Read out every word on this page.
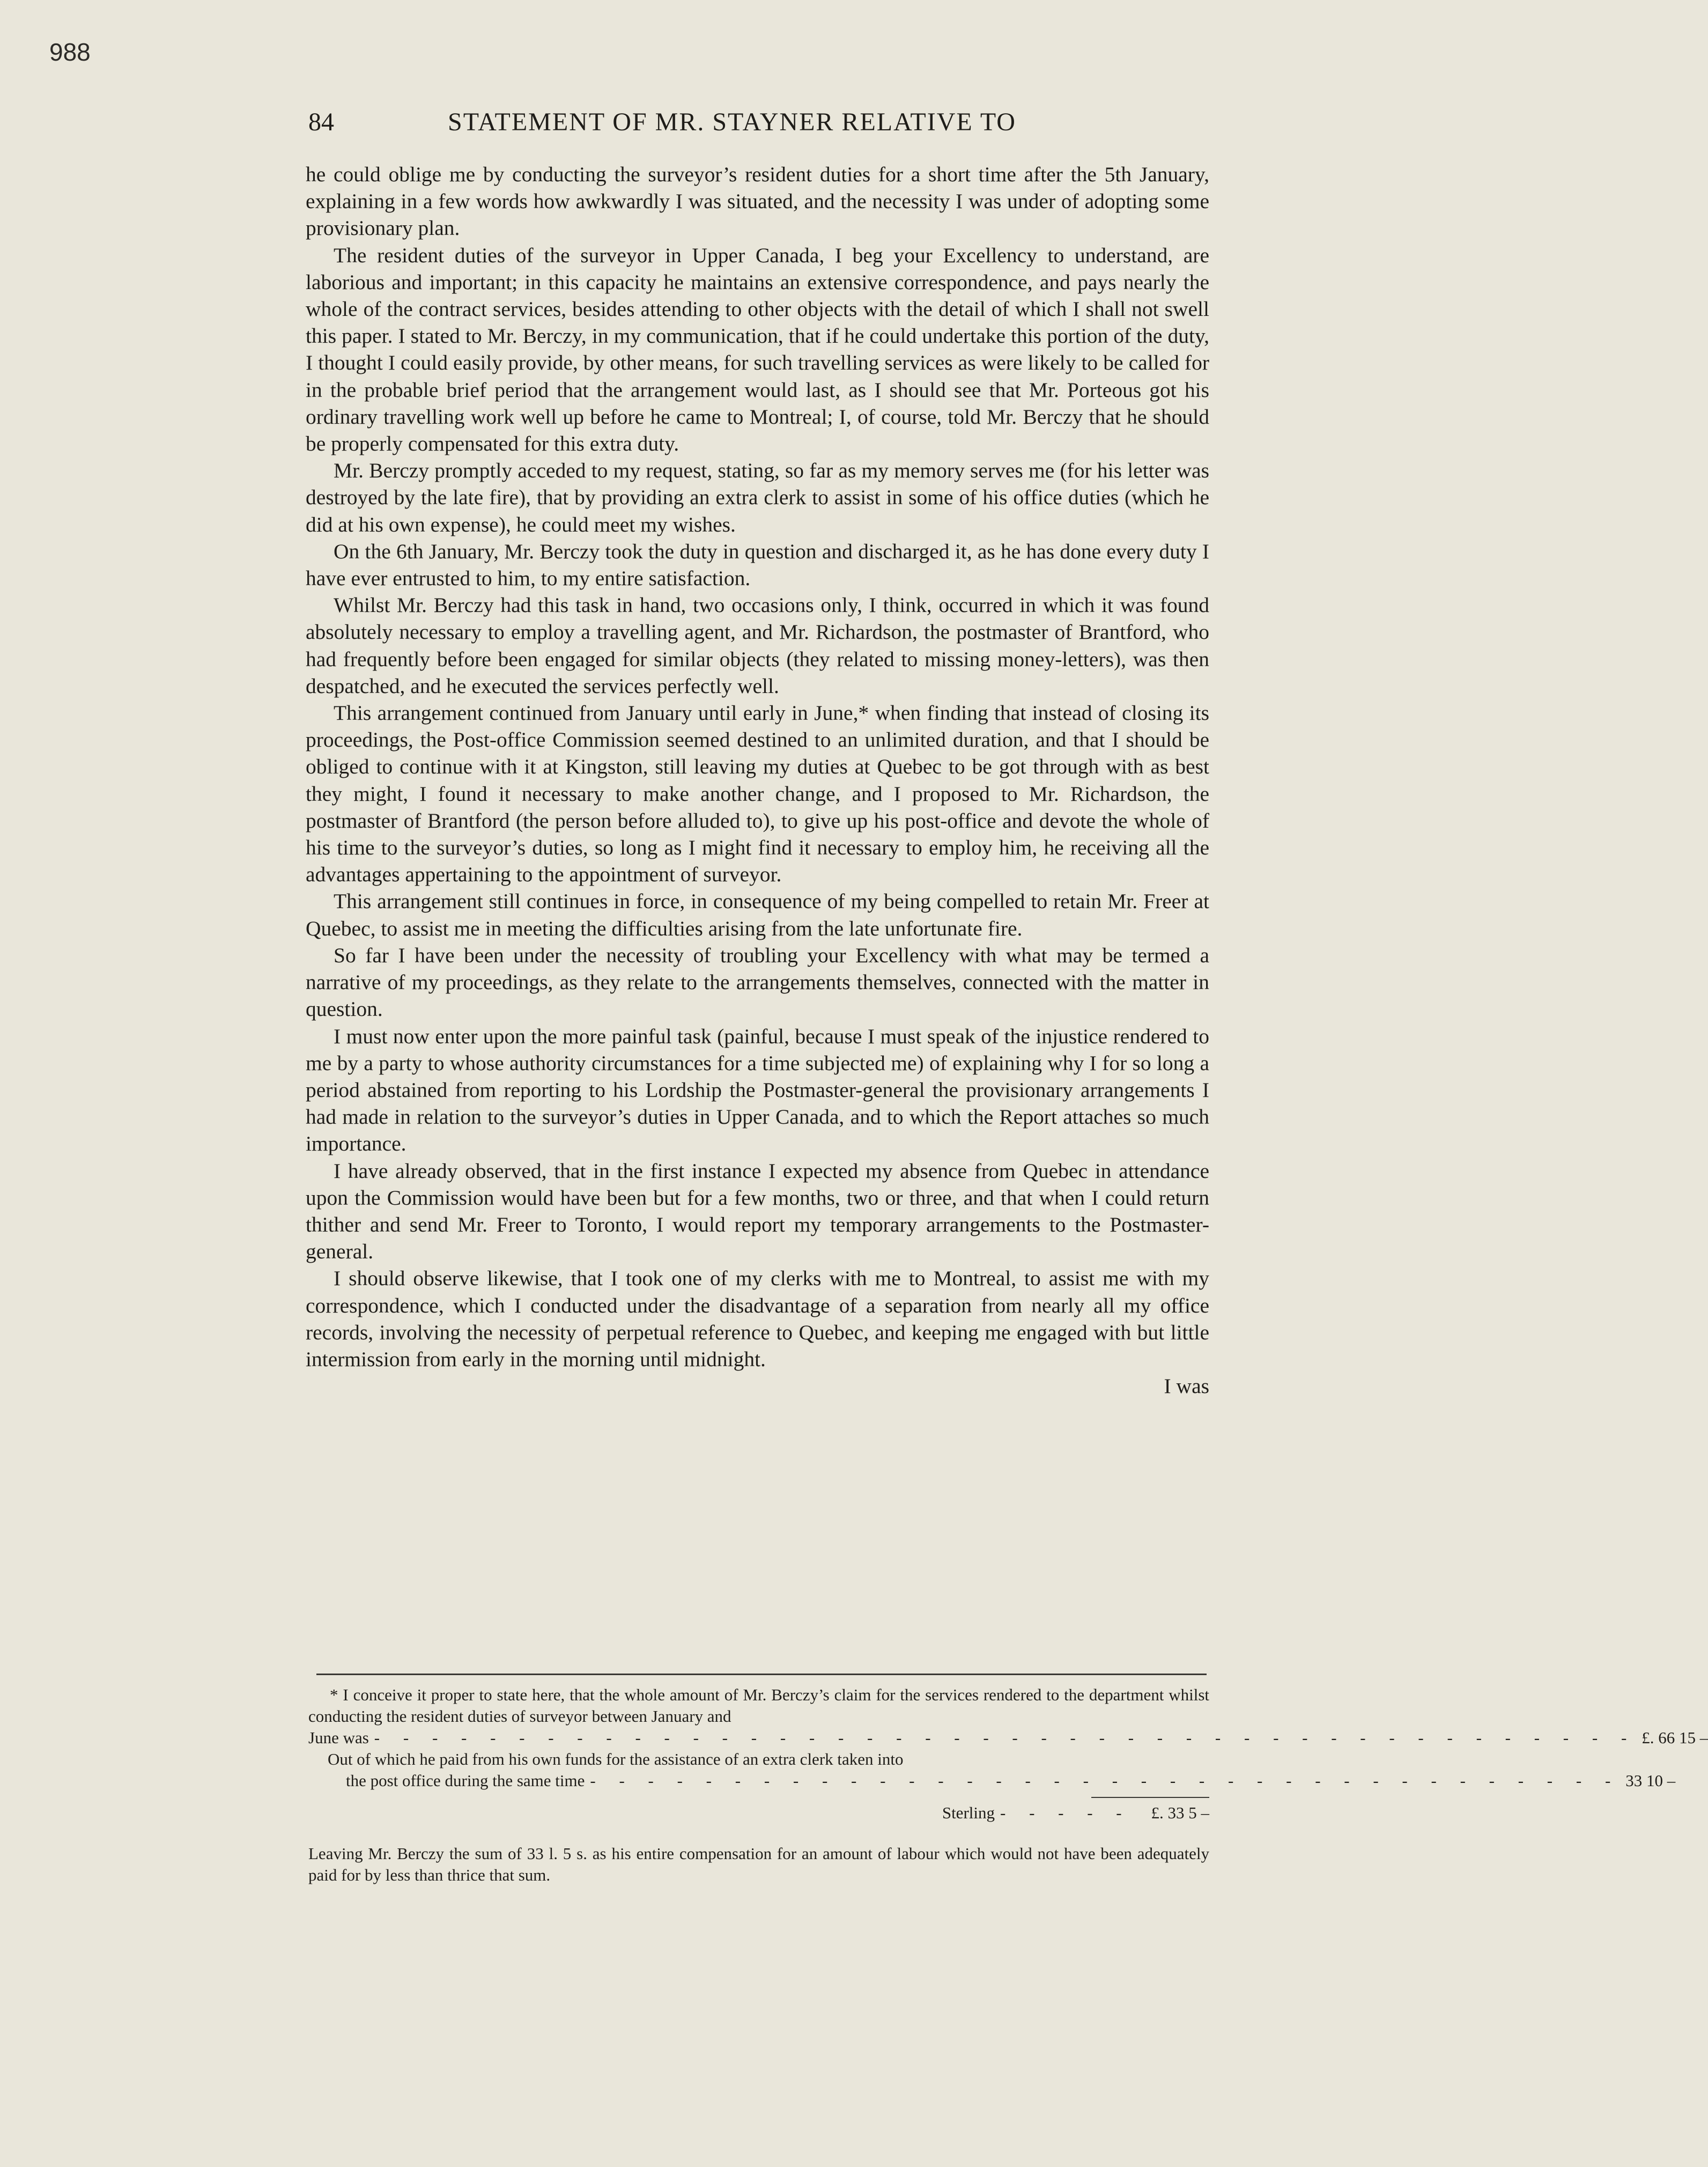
988
84	STATEMENT OF MR. STAYNER RELATIVE TO

he could oblige me by conducting the surveyor’s resident duties for a short time after the 5th January, explaining in a few words how awkwardly I was situated, and the necessity I was under of adopting some provisionary plan.

The resident duties of the surveyor in Upper Canada, I beg your Excellency to understand, are laborious and important; in this capacity he maintains an extensive correspondence, and pays nearly the whole of the contract services, besides attending to other objects with the detail of which I shall not swell this paper. I stated to Mr. Berczy, in my communication, that if he could undertake this portion of the duty, I thought I could easily provide, by other means, for such travelling services as were likely to be called for in the probable brief period that the arrangement would last, as I should see that Mr. Porteous got his ordinary travelling work well up before he came to Montreal; I, of course, told Mr. Berczy that he should be properly compensated for this extra duty.

Mr. Berczy promptly acceded to my request, stating, so far as my memory serves me (for his letter was destroyed by the late fire), that by providing an extra clerk to assist in some of his office duties (which he did at his own expense), he could meet my wishes.

On the 6th January, Mr. Berczy took the duty in question and discharged it, as he has done every duty I have ever entrusted to him, to my entire satisfaction.

Whilst Mr. Berczy had this task in hand, two occasions only, I think, occurred in which it was found absolutely necessary to employ a travelling agent, and Mr. Richardson, the postmaster of Brantford, who had frequently before been engaged for similar objects (they related to missing money-letters), was then despatched, and he executed the services perfectly well.

This arrangement continued from January until early in June,* when finding that instead of closing its proceedings, the Post-office Commission seemed destined to an unlimited duration, and that I should be obliged to continue with it at Kingston, still leaving my duties at Quebec to be got through with as best they might, I found it necessary to make another change, and I proposed to Mr. Richardson, the postmaster of Brantford (the person before alluded to), to give up his post-office and devote the whole of his time to the surveyor’s duties, so long as I might find it necessary to employ him, he receiving all the advantages appertaining to the appointment of surveyor.

This arrangement still continues in force, in consequence of my being compelled to retain Mr. Freer at Quebec, to assist me in meeting the difficulties arising from the late unfortunate fire.

So far I have been under the necessity of troubling your Excellency with what may be termed a narrative of my proceedings, as they relate to the arrangements themselves, connected with the matter in question.

I must now enter upon the more painful task (painful, because I must speak of the injustice rendered to me by a party to whose authority circumstances for a time subjected me) of explaining why I for so long a period abstained from reporting to his Lordship the Postmaster-general the provisionary arrangements I had made in relation to the surveyor’s duties in Upper Canada, and to which the Report attaches so much importance.

I have already observed, that in the first instance I expected my absence from Quebec in attendance upon the Commission would have been but for a few months, two or three, and that when I could return thither and send Mr. Freer to Toronto, I would report my temporary arrangements to the Postmaster-general.

I should observe likewise, that I took one of my clerks with me to Montreal, to assist me with my correspondence, which I conducted under the disadvantage of a separation from nearly all my office records, involving the necessity of perpetual reference to Quebec, and keeping me engaged with but little intermission from early in the morning until midnight.

I was

* I conceive it proper to state here, that the whole amount of Mr. Berczy’s claim for the services rendered to the department whilst conducting the resident duties of surveyor between January and

June was - - - - - - - - - - - - - - - - - - - - - - - - - - - - - - - - - - - - - - - - - - - - £. 66 15 –

Out of which he paid from his own funds for the assistance of an extra clerk taken into

the post office during the same time - - - - - - - - - - - - - - - - - - - - - - - - - - - - - - - - - - - - 33 10 –
Sterling - - - - -	£. 33 5 –

Leaving Mr. Berczy the sum of 33 l. 5 s. as his entire compensation for an amount of labour which would not have been adequately paid for by less than thrice that sum.
